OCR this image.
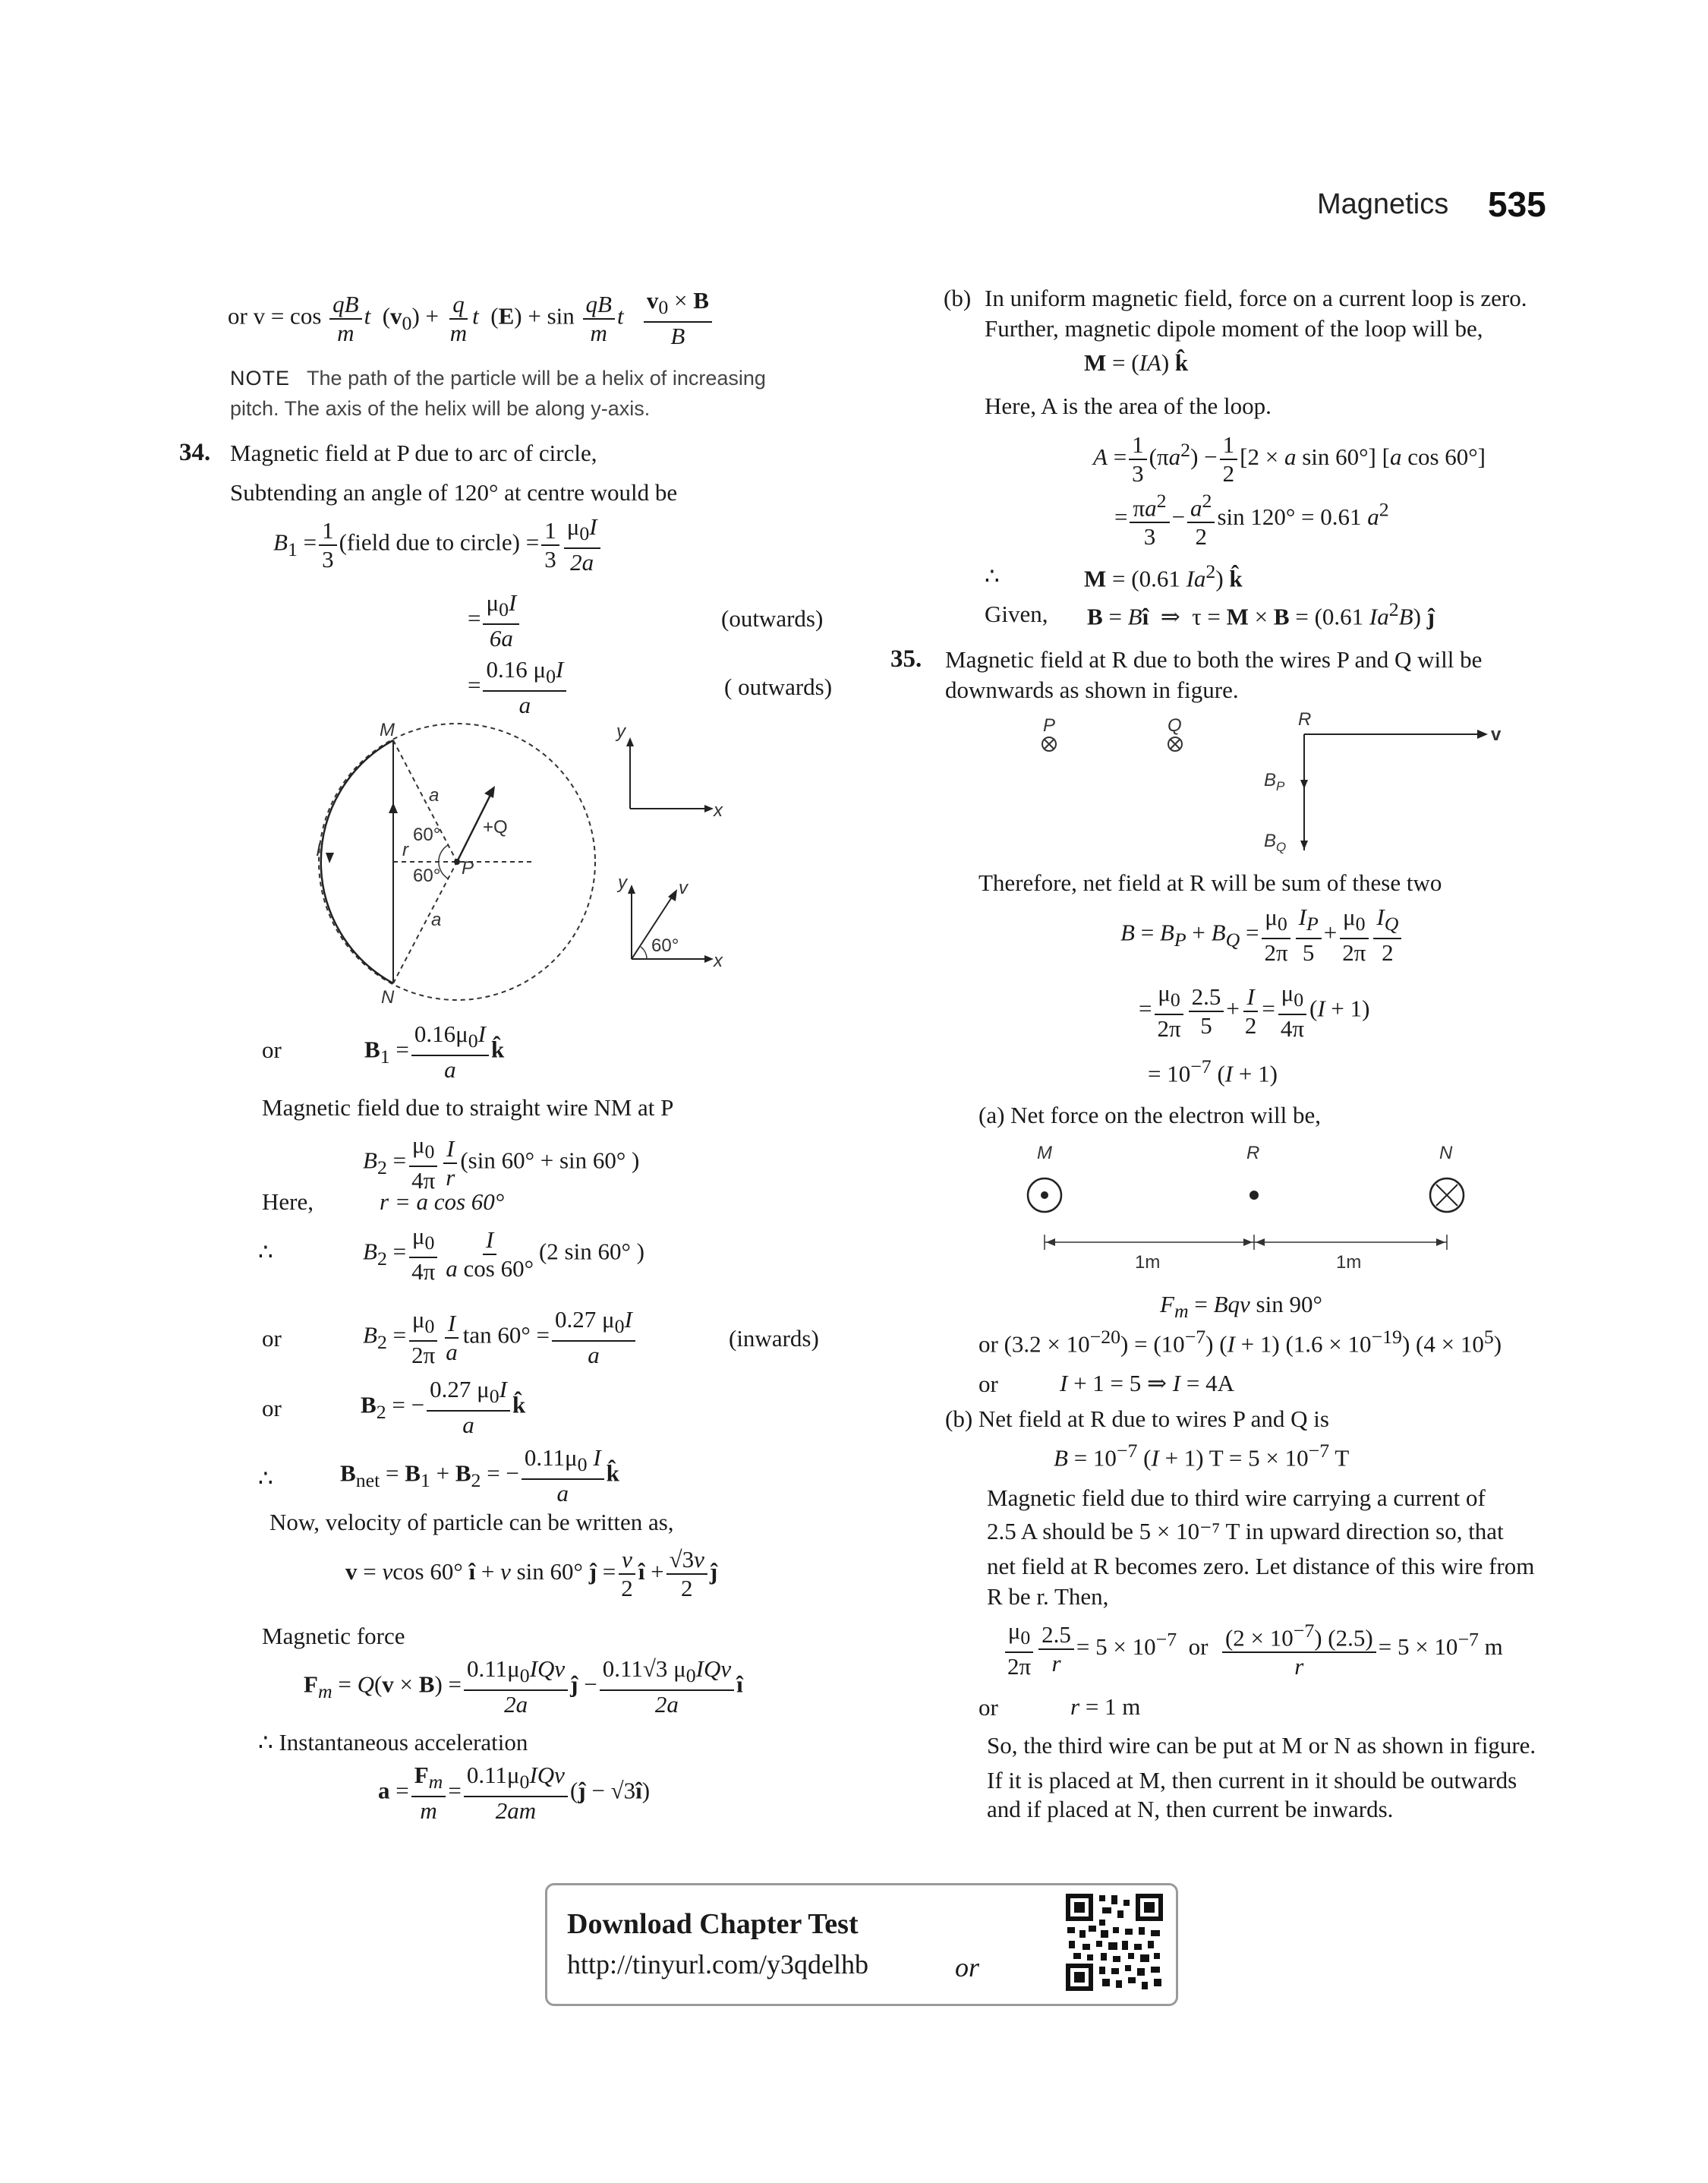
Magnetics 535
or $v = \cos \frac{qB}{m}$ t  $(v_0) + \frac{q}{m}$ t  $(E) + \sin \frac{qB}{m}$ t $\frac{v_0 \times B}{B}$
NOTE The path of the particle will be a helix of increasing
pitch. The axis of the helix will be along y-axis.
34. Magnetic field at P due to arc of circle,
Subtending an angle of 120° at centre would be
$B_1 = \frac{1}{3}$ (field due to circle) = $\frac{1}{3} \frac{\mu_0I}{2a}$
= $\frac{\mu_0I}{6a}$	(outwards)
= $\frac{0.16 \mu_0I}{a}$	( outwards)
M
N
P
I	r
a
a
y
x
y
x
v
60°
60°
+Q
60°
or	$B_1 = \frac{0.16\mu_0I}{a}$ k̂
Magnetic field due to straight wire NM at P
$B_2 = \frac{\mu_0}{4\pi} \frac{I}{r} (\sin$ 60° + sin 60° )
Here,	r = a cos 60°
∴	$B_2 = \frac{\mu_0}{4\pi} \frac{I}{\text{a cos 60°}} (2$ sin 60° )
or	$B_2 = \frac{\mu_0}{2\pi} \frac{I}{a}$ $\tan 60^\circ = \frac{0.27 \mu_0I}{a}$	(inwards)
or	$B_2$ = − $\frac{0.27 \mu_0I}{a}$ k̂
∴	$B_{net} = B_1 + B_2$ = − $\frac{0.11\mu_0 I}{a}$ k̂
Now, velocity of particle can be written as,
v = vcos 60° î + v sin 60° ĵ = $\frac{v}{2}$ î + $\frac{√3v}{2}$ ĵ
Magnetic force
$F_m = Q(v \times B) = \frac{0.11\mu_0IQv}{2a}$ ĵ − $\frac{0.11√3 \mu_0IQv}{2a}$ î
∴ Instantaneous acceleration
$a = \frac{F_m}{m} = \frac{0.11\mu_0IQv}{2am}$ (ĵ − √3î)
(b) In uniform magnetic field, force on a current loop is zero.
Further, magnetic dipole moment of the loop will be,
M = (IA) k̂
Here, A is the area of the loop.
$A = \frac{1}{3} (\pi a^2) - \frac{1}{2} [2 \times a$ sin 60°] [a cos 60°]
= $\frac{\pi a^2}{3} - \frac{a^2}{2}$ sin 120° = 0.61 $a^2$
∴	M = (0.61 Ia$^2$) k̂
Given, B = Bî  ⇒  τ = M × B = (0.61 Ia$^2$B) ĵ
35. Magnetic field at R due to both the wires P and Q will be
downwards as shown in figure.
P	Q	R
$B_P$
$B_Q$
v
Therefore, net field at R will be sum of these two
$B = B_P + B_Q = \frac{\mu_0}{2\pi} \frac{I_P}{5} + \frac{\mu_0}{2\pi} \frac{I_Q}{2}$
= $\frac{\mu_0}{2\pi} \frac{2.5}{5} + \frac{I}{2} = \frac{\mu_0}{4\pi} (I + 1)$
= $10^{-7}$ (I + 1)
(a) Net force on the electron will be,
M	R	N
1m	1m
$F_m$ = Bqv sin 90°
or $(3.2 \times 10^{-20}) = (10^{-7})$ (I + 1) $(1.6 \times 10^{-19})$ $(4 \times 10^5)$
or	I + 1 = 5 ⇒ I = 4A
(b) Net field at R due to wires P and Q is
$B = 10^{-7}$ (I + 1) $T = 5 \times 10^{-7}$ T
Magnetic field due to third wire carrying a current of
2.5 A should be 5 × 10⁻⁷ T in upward direction so, that
net field at R becomes zero. Let distance of this wire from
R be r. Then,
$\frac{\mu_0}{2\pi} \frac{2.5}{r} = 5 \times 10^{-7}$  or $\frac{(2 \times 10^{-7}) (2.5)}{r} = 5 \times 10^{-7}$ m
or	r = 1 m
So, the third wire can be put at M or N as shown in figure.
If it is placed at M, then current in it should be outwards
and if placed at N, then current be inwards.
Download Chapter Test
http://tinyurl.com/y3qdelhb	or
